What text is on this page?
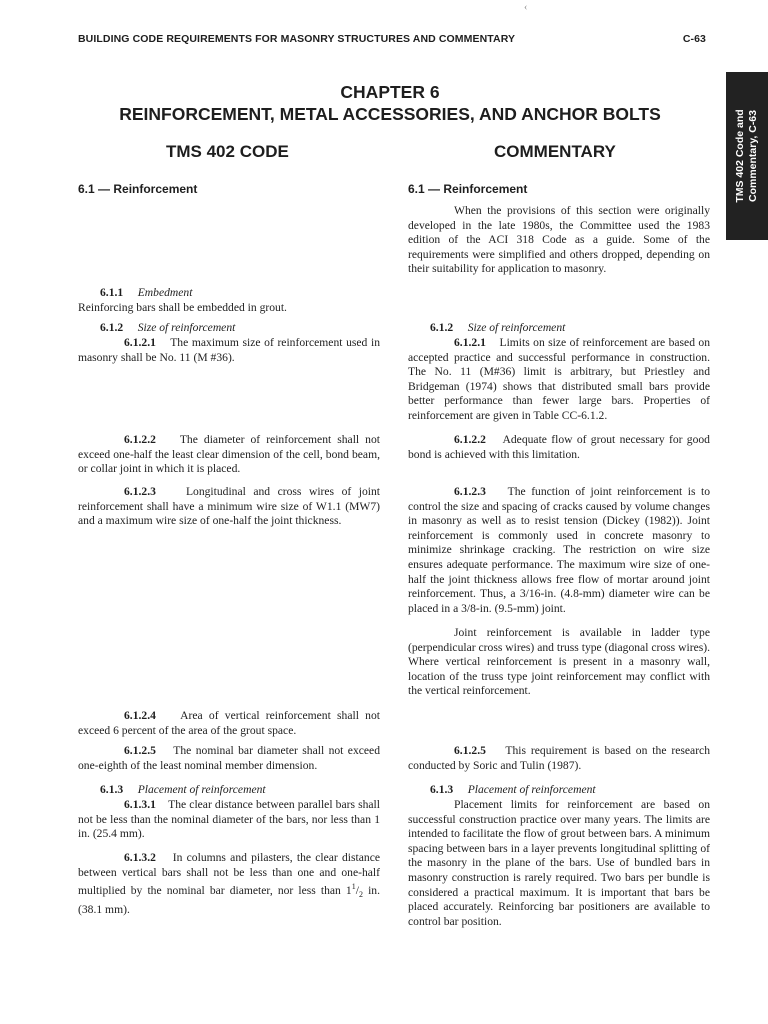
‹
BUILDING CODE REQUIREMENTS FOR MASONRY STRUCTURES AND COMMENTARY	C-63
TMS 402 Code and Commentary, C-63
CHAPTER 6
REINFORCEMENT, METAL ACCESSORIES, AND ANCHOR BOLTS
TMS 402 CODE	COMMENTARY
6.1 — Reinforcement	6.1 — Reinforcement

6.1.1 Embedment

Reinforcing bars shall be embedded in grout.

6.1.2 Size of reinforcement

6.1.2.1 The maximum size of reinforcement used in masonry shall be No. 11 (M #36).

6.1.2.2 The diameter of reinforcement shall not exceed one-half the least clear dimension of the cell, bond beam, or collar joint in which it is placed.

6.1.2.3	Longitudinal and cross wires of joint reinforcement shall have a minimum wire size of W1.1 (MW7) and a maximum wire size of one-half the joint thickness.

6.1.2.4 Area of vertical reinforcement shall not exceed 6 percent of the area of the grout space.

6.1.2.5 The nominal bar diameter shall not exceed one-eighth of the least nominal member dimension.

6.1.3 Placement of reinforcement

6.1.3.1 The clear distance between parallel bars shall not be less than the nominal diameter of the bars, nor less than 1 in. (25.4 mm).

6.1.3.2 In columns and pilasters, the clear distance between vertical bars shall not be less than one and one-half multiplied by the nominal bar diameter, nor less than $1^1/_2$ in. (38.1 mm).

When the provisions of this section were originally developed in the late 1980s, the Committee used the 1983 edition of the ACI 318 Code as a guide. Some of the requirements were simplified and others dropped, depending on their suitability for application to masonry.

6.1.2 Size of reinforcement

6.1.2.1 Limits on size of reinforcement are based on accepted practice and successful performance in construction. The No. 11 (M#36) limit is arbitrary, but Priestley and Bridgeman (1974) shows that distributed small bars provide better performance than fewer large bars. Properties of reinforcement are given in Table CC-6.1.2.

6.1.2.2 Adequate flow of grout necessary for good bond is achieved with this limitation.

6.1.2.3 The function of joint reinforcement is to control the size and spacing of cracks caused by volume changes in masonry as well as to resist tension (Dickey (1982)). Joint reinforcement is commonly used in concrete masonry to minimize shrinkage cracking. The restriction on wire size ensures adequate performance. The maximum wire size of one-half the joint thickness allows free flow of mortar around joint reinforcement. Thus, a 3/16-in. (4.8-mm) diameter wire can be placed in a 3/8-in. (9.5-mm) joint.

Joint reinforcement is available in ladder type (perpendicular cross wires) and truss type (diagonal cross wires). Where vertical reinforcement is present in a masonry wall, location of the truss type joint reinforcement may conflict with the vertical reinforcement.

6.1.2.5 This requirement is based on the research conducted by Soric and Tulin (1987).

6.1.3 Placement of reinforcement

Placement limits for reinforcement are based on successful construction practice over many years. The limits are intended to facilitate the flow of grout between bars. A minimum spacing between bars in a layer prevents longitudinal splitting of the masonry in the plane of the bars. Use of bundled bars in masonry construction is rarely required. Two bars per bundle is considered a practical maximum. It is important that bars be placed accurately. Reinforcing bar positioners are available to control bar position.
